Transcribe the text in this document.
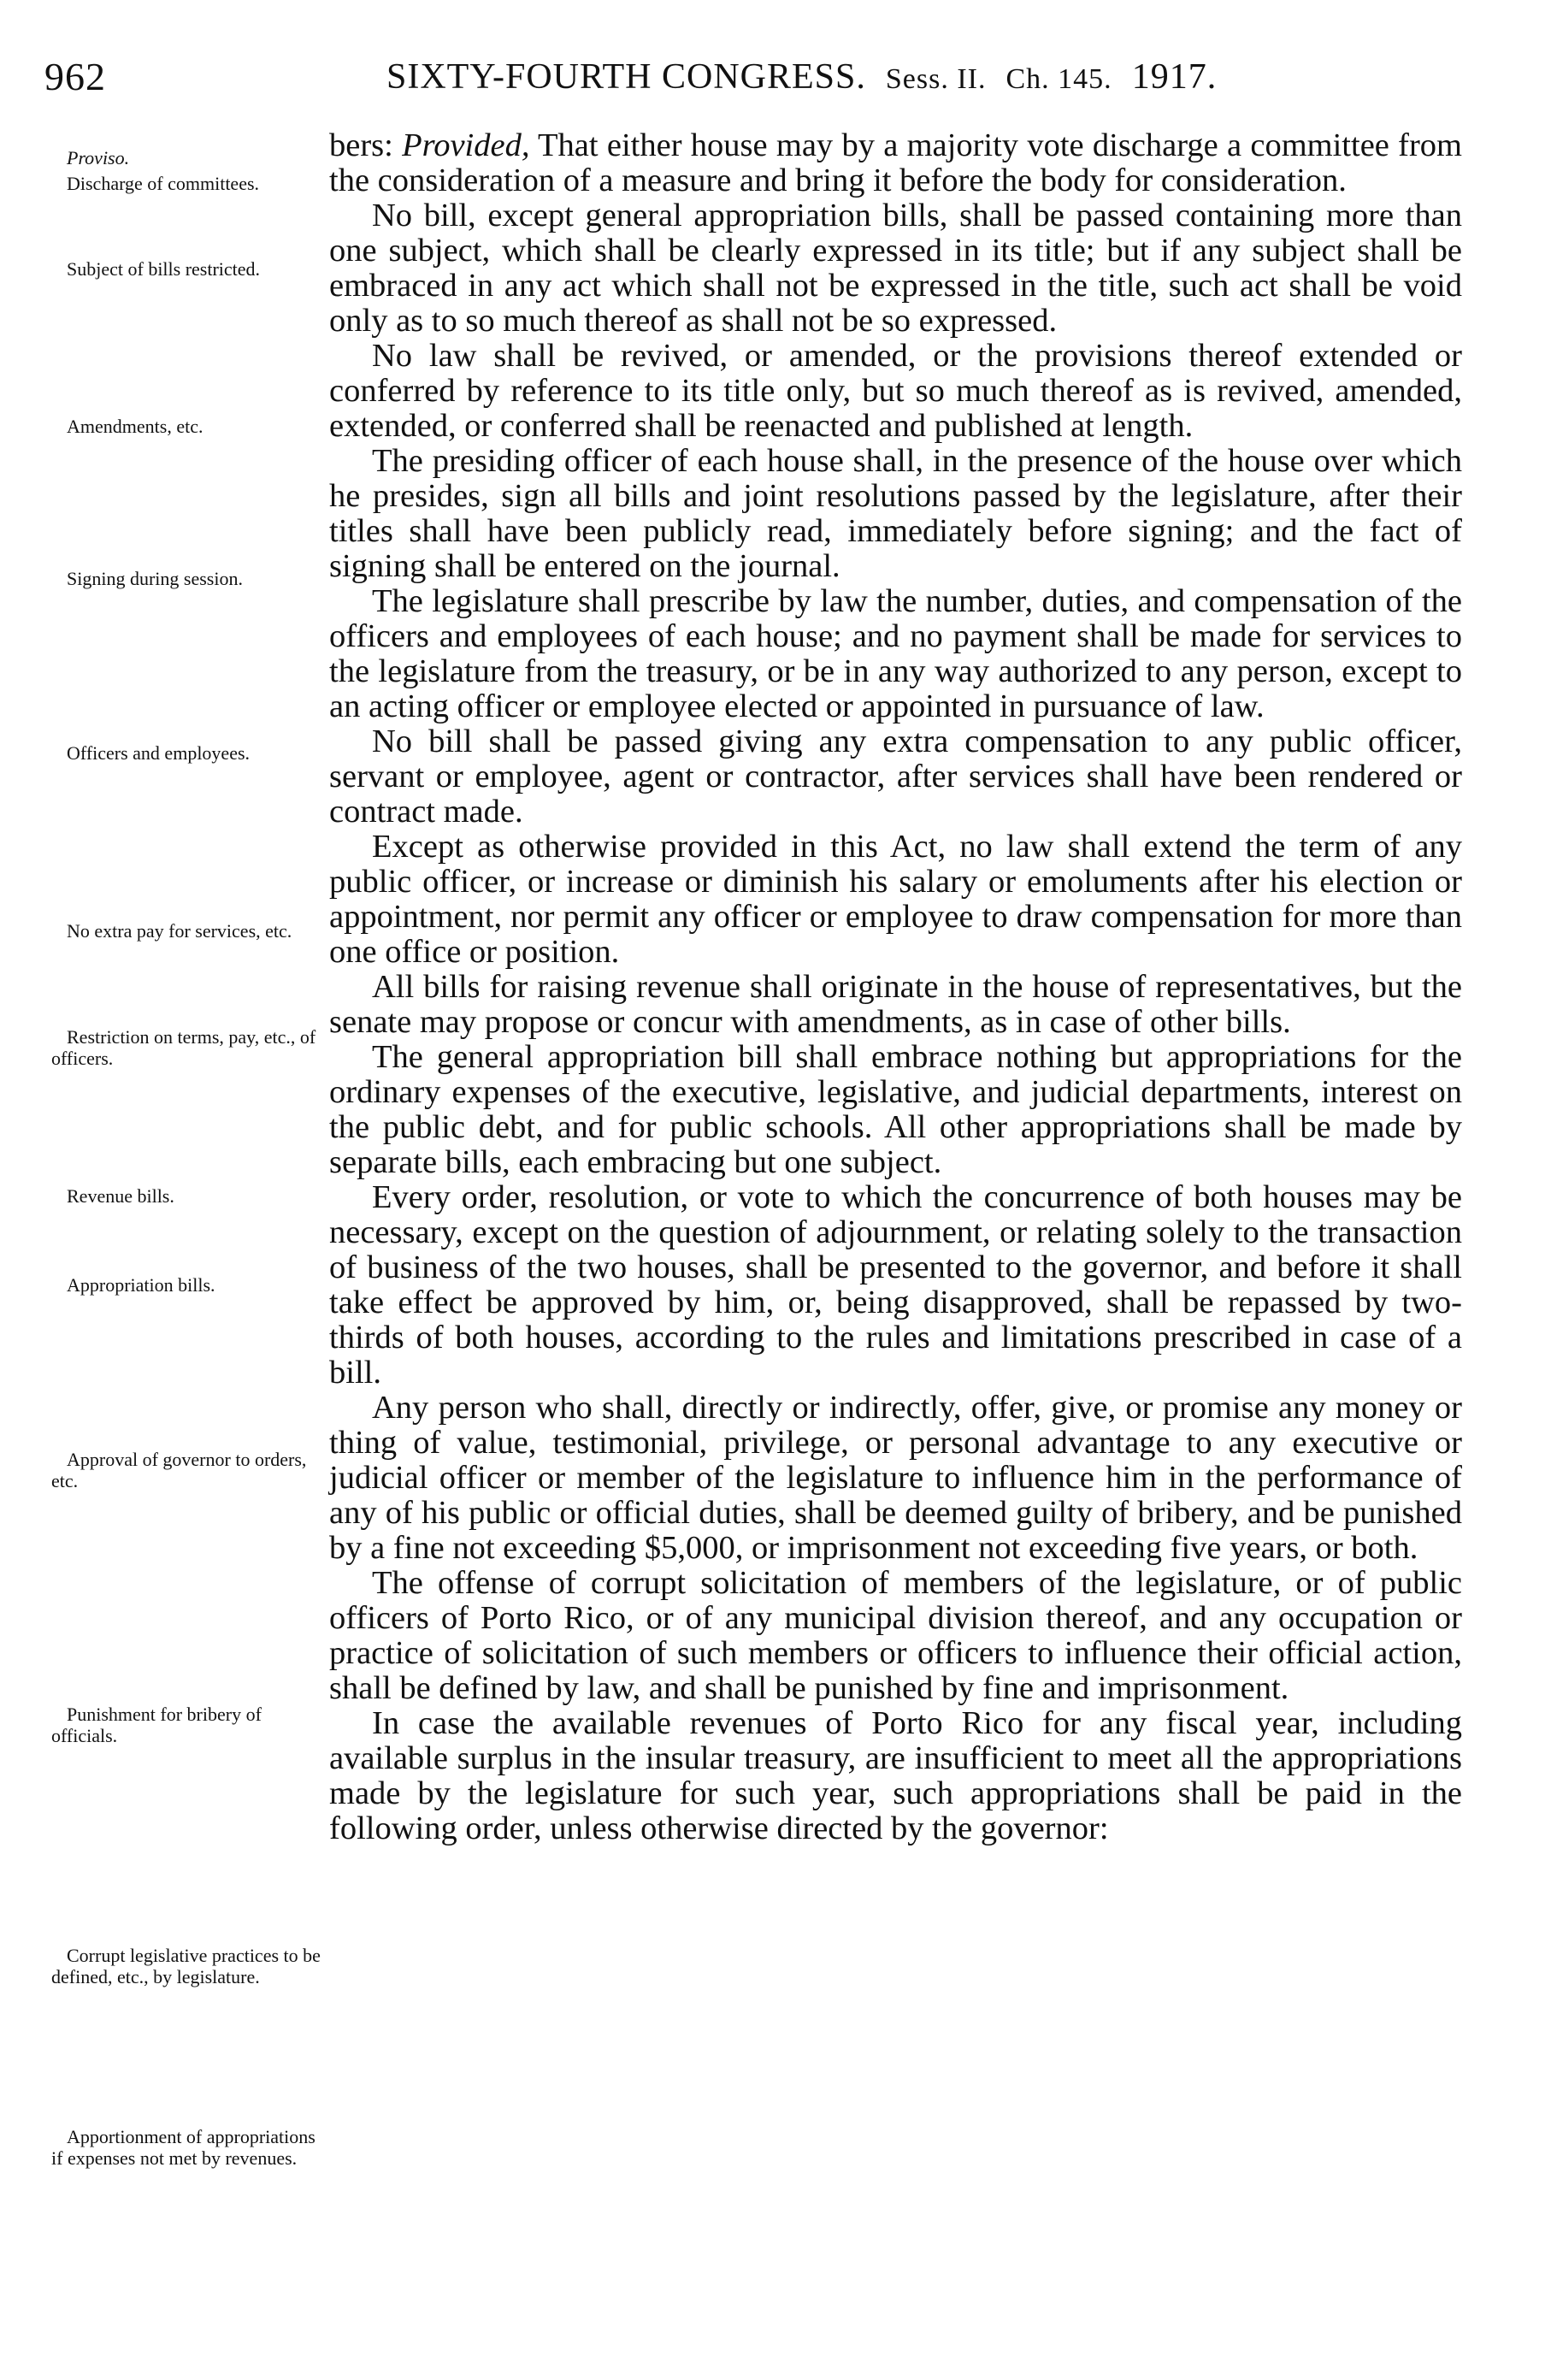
962	SIXTY-FOURTH CONGRESS. Sess. II. Ch. 145. 1917.
Proviso.
Discharge of committees.
Subject of bills restricted.
Amendments, etc.
Signing during session.
Officers and employees.
No extra pay for services, etc.
Restriction on terms, pay, etc., of officers.
Revenue bills.
Appropriation bills.
Approval of governor to orders, etc.
Punishment for bribery of officials.
Corrupt legislative practices to be defined, etc., by legislature.
Apportionment of appropriations if expenses not met by revenues.

bers: Provided, That either house may by a majority vote discharge a committee from the consideration of a measure and bring it before the body for consideration.

No bill, except general appropriation bills, shall be passed containing more than one subject, which shall be clearly expressed in its title; but if any subject shall be embraced in any act which shall not be expressed in the title, such act shall be void only as to so much thereof as shall not be so expressed.

No law shall be revived, or amended, or the provisions thereof extended or conferred by reference to its title only, but so much thereof as is revived, amended, extended, or conferred shall be reenacted and published at length.

The presiding officer of each house shall, in the presence of the house over which he presides, sign all bills and joint resolutions passed by the legislature, after their titles shall have been publicly read, immediately before signing; and the fact of signing shall be entered on the journal.

The legislature shall prescribe by law the number, duties, and compensation of the officers and employees of each house; and no payment shall be made for services to the legislature from the treasury, or be in any way authorized to any person, except to an acting officer or employee elected or appointed in pursuance of law.

No bill shall be passed giving any extra compensation to any public officer, servant or employee, agent or contractor, after services shall have been rendered or contract made.

Except as otherwise provided in this Act, no law shall extend the term of any public officer, or increase or diminish his salary or emoluments after his election or appointment, nor permit any officer or employee to draw compensation for more than one office or position.

All bills for raising revenue shall originate in the house of representatives, but the senate may propose or concur with amendments, as in case of other bills.

The general appropriation bill shall embrace nothing but appropriations for the ordinary expenses of the executive, legislative, and judicial departments, interest on the public debt, and for public schools. All other appropriations shall be made by separate bills, each embracing but one subject.

Every order, resolution, or vote to which the concurrence of both houses may be necessary, except on the question of adjournment, or relating solely to the transaction of business of the two houses, shall be presented to the governor, and before it shall take effect be approved by him, or, being disapproved, shall be repassed by two-thirds of both houses, according to the rules and limitations prescribed in case of a bill.

Any person who shall, directly or indirectly, offer, give, or promise any money or thing of value, testimonial, privilege, or personal advantage to any executive or judicial officer or member of the legislature to influence him in the performance of any of his public or official duties, shall be deemed guilty of bribery, and be punished by a fine not exceeding $5,000, or imprisonment not exceeding five years, or both.

The offense of corrupt solicitation of members of the legislature, or of public officers of Porto Rico, or of any municipal division thereof, and any occupation or practice of solicitation of such members or officers to influence their official action, shall be defined by law, and shall be punished by fine and imprisonment.

In case the available revenues of Porto Rico for any fiscal year, including available surplus in the insular treasury, are insufficient to meet all the appropriations made by the legislature for such year, such appropriations shall be paid in the following order, unless otherwise directed by the governor:
